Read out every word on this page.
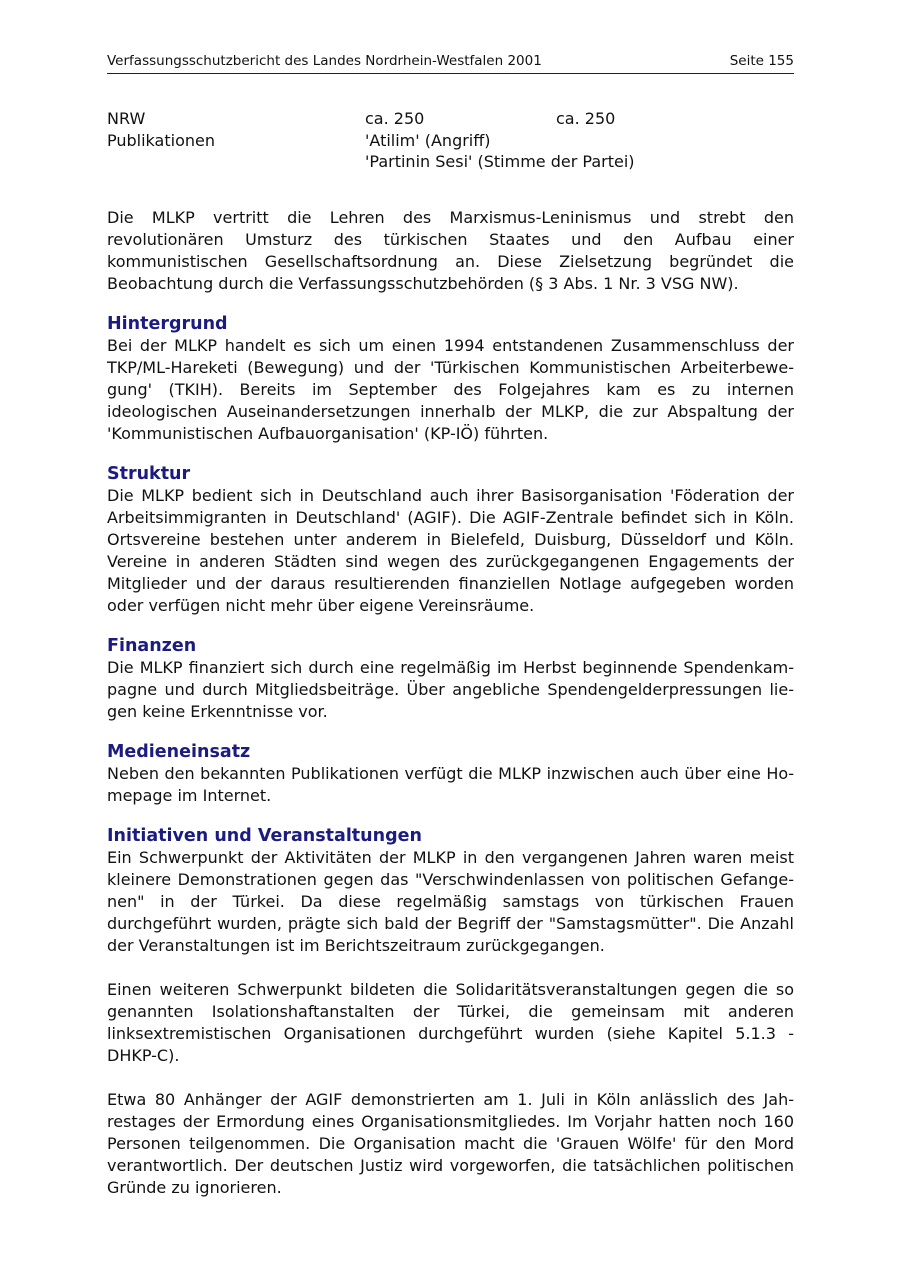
Verfassungsschutzbericht des Landes Nordrhein-Westfalen 2001	Seite 155
NRW	ca. 250	ca. 250
Publikationen	'Atilim' (Angriff)
'Partinin Sesi' (Stimme der Partei)

Die MLKP vertritt die Lehren des Marxismus-Leninismus und strebt den revolutionären Umsturz des türkischen Staates und den Aufbau einer kommunistischen Gesellschaftsordnung an. Diese Zielsetzung begründet die Beobachtung durch die Verfassungsschutzbehörden (§ 3 Abs. 1 Nr. 3 VSG NW).

Hintergrund

Bei der MLKP handelt es sich um einen 1994 entstandenen Zusammenschluss der TKP/ML-Hareketi (Bewegung) und der 'Türkischen Kommunistischen Arbeiterbewegung' (TKIH). Bereits im September des Folgejahres kam es zu internen ideologischen Auseinandersetzungen innerhalb der MLKP, die zur Abspaltung der 'Kommunistischen Aufbauorganisation' (KP-IÖ) führten.

Struktur

Die MLKP bedient sich in Deutschland auch ihrer Basisorganisation 'Föderation der Arbeitsimmigranten in Deutschland' (AGIF). Die AGIF-Zentrale befindet sich in Köln. Ortsvereine bestehen unter anderem in Bielefeld, Duisburg, Düsseldorf und Köln. Vereine in anderen Städten sind wegen des zurückgegangenen Engagements der Mitglieder und der daraus resultierenden finanziellen Notlage aufgegeben worden oder verfügen nicht mehr über eigene Vereinsräume.

Finanzen

Die MLKP finanziert sich durch eine regelmäßig im Herbst beginnende Spendenkampagne und durch Mitgliedsbeiträge. Über angebliche Spendengelderpressungen liegen keine Erkenntnisse vor.

Medieneinsatz

Neben den bekannten Publikationen verfügt die MLKP inzwischen auch über eine Homepage im Internet.

Initiativen und Veranstaltungen

Ein Schwerpunkt der Aktivitäten der MLKP in den vergangenen Jahren waren meist kleinere Demonstrationen gegen das "Verschwindenlassen von politischen Gefangenen" in der Türkei. Da diese regelmäßig samstags von türkischen Frauen durchgeführt wurden, prägte sich bald der Begriff der "Samstagsmütter". Die Anzahl der Veranstaltungen ist im Berichtszeitraum zurückgegangen.

Einen weiteren Schwerpunkt bildeten die Solidaritätsveranstaltungen gegen die so genannten Isolationshaftanstalten der Türkei, die gemeinsam mit anderen linksextremistischen Organisationen durchgeführt wurden (siehe Kapitel 5.1.3 - DHKP-C).

Etwa 80 Anhänger der AGIF demonstrierten am 1. Juli in Köln anlässlich des Jahrestages der Ermordung eines Organisationsmitgliedes. Im Vorjahr hatten noch 160 Personen teilgenommen. Die Organisation macht die 'Grauen Wölfe' für den Mord verantwortlich. Der deutschen Justiz wird vorgeworfen, die tatsächlichen politischen Gründe zu ignorieren.
